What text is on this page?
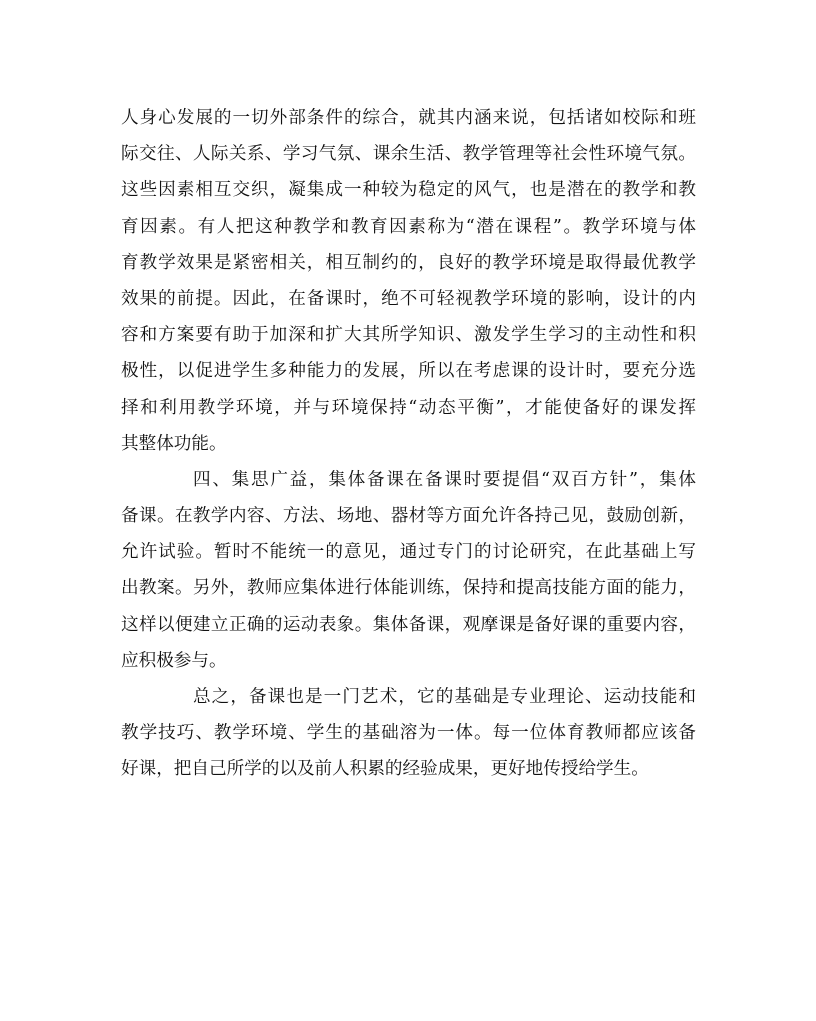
人身心发展的一切外部条件的综合，就其内涵来说，包括诸如校际和班
际交往、人际关系、学习气氛、课余生活、教学管理等社会性环境气氛。
这些因素相互交织，凝集成一种较为稳定的风气，也是潜在的教学和教
育因素。有人把这种教学和教育因素称为“潜在课程”。教学环境与体
育教学效果是紧密相关，相互制约的，良好的教学环境是取得最优教学
效果的前提。因此，在备课时，绝不可轻视教学环境的影响，设计的内
容和方案要有助于加深和扩大其所学知识、激发学生学习的主动性和积
极性，以促进学生多种能力的发展，所以在考虑课的设计时，要充分选
择和利用教学环境，并与环境保持“动态平衡”，才能使备好的课发挥
其整体功能。
四、集思广益，集体备课在备课时要提倡“双百方针”，集体
备课。在教学内容、方法、场地、器材等方面允许各持己见，鼓励创新，
允许试验。暂时不能统一的意见，通过专门的讨论研究，在此基础上写
出教案。另外，教师应集体进行体能训练，保持和提高技能方面的能力，
这样以便建立正确的运动表象。集体备课，观摩课是备好课的重要内容，
应积极参与。
总之，备课也是一门艺术，它的基础是专业理论、运动技能和
教学技巧、教学环境、学生的基础溶为一体。每一位体育教师都应该备
好课，把自己所学的以及前人积累的经验成果，更好地传授给学生。
